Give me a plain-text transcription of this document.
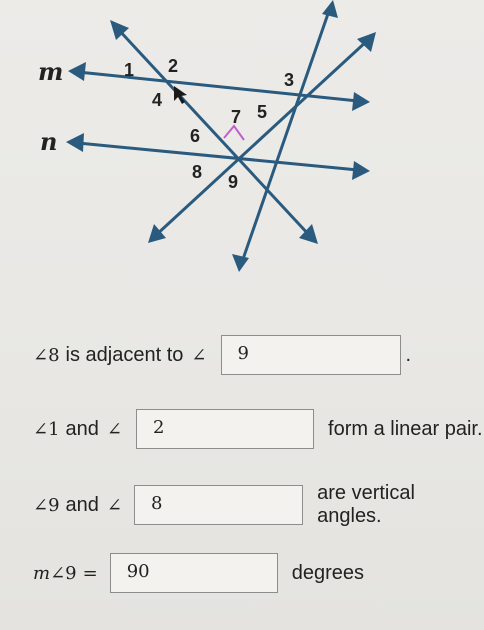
m
n
1 2
3
4
5
6
7
8 9
∠ 8 is adjacent to ∠	9	.
∠ 1 and ∠	2	form a linear pair.
∠ 9 and ∠	8	are vertical angles.
m ∠ 9 =	90	degrees
